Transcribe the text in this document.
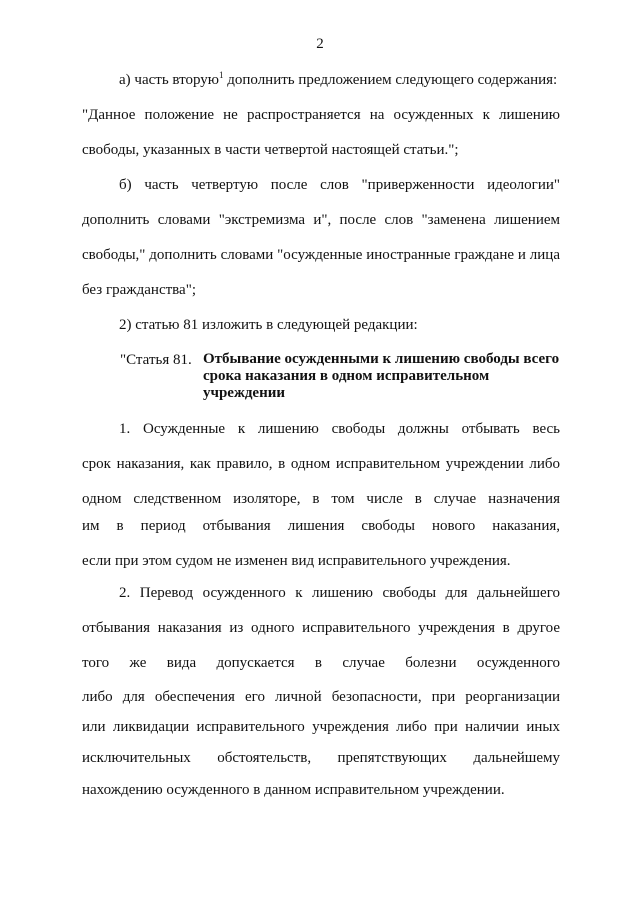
2
а) часть вторую$^1$ дополнить предложением следующего содержания:
"Данное положение не распространяется на осужденных к лишению
свободы, указанных в части четвертой настоящей статьи.";
б) часть четвертую после слов "приверженности идеологии"
дополнить словами "экстремизма и", после слов "заменена лишением
свободы," дополнить словами "осужденные иностранные граждане и лица
без гражданства";
2) статью 81 изложить в следующей редакции:
"Статья 81. Отбывание осужденными к лишению свободы всего
срока наказания в одном исправительном
учреждении
1. Осужденные к лишению свободы должны отбывать весь
срок наказания, как правило, в одном исправительном учреждении либо
одном следственном изоляторе, в том числе в случае назначения
им в период отбывания лишения свободы нового наказания,
если при этом судом не изменен вид исправительного учреждения.
2. Перевод осужденного к лишению свободы для дальнейшего
отбывания наказания из одного исправительного учреждения в другое
того же вида допускается в случае болезни осужденного
либо для обеспечения его личной безопасности, при реорганизации
или ликвидации исправительного учреждения либо при наличии иных
исключительных обстоятельств, препятствующих дальнейшему
нахождению осужденного в данном исправительном учреждении.
